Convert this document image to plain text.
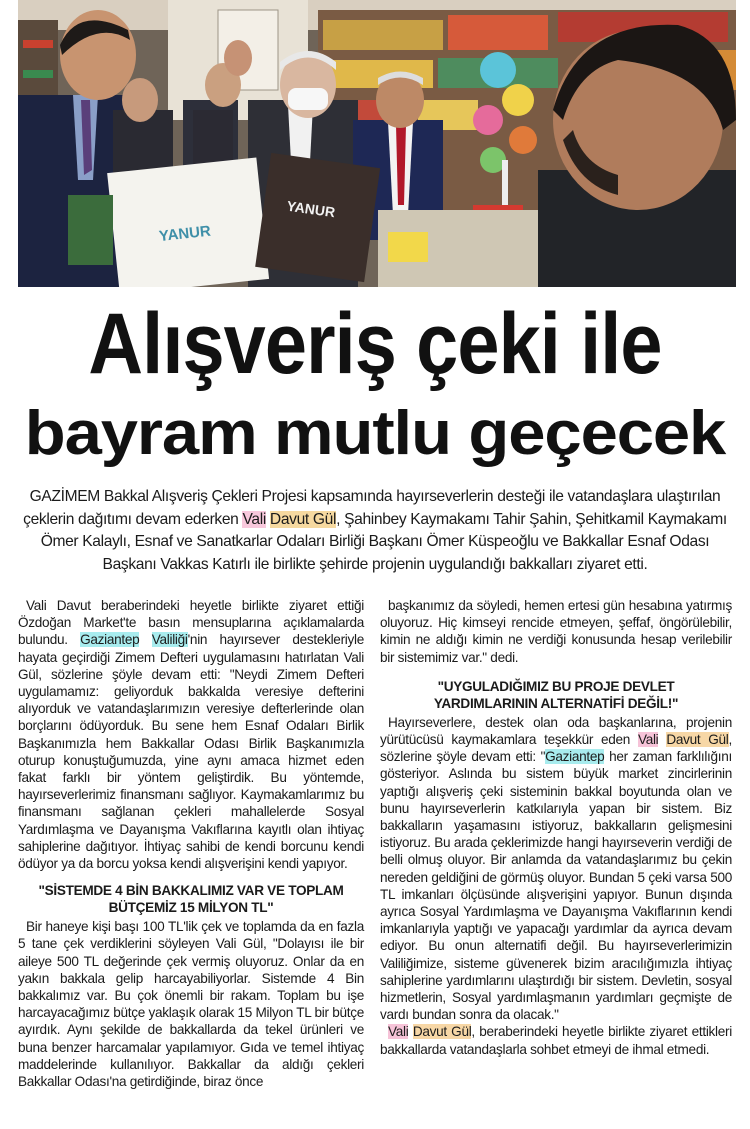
YANUR
YANUR
Alışveriş çeki ile
bayram mutlu geçecek

GAZİMEM Bakkal Alışveriş Çekleri Projesi kapsamında hayırseverlerin desteği ile vatandaşlara ulaştırılan çeklerin dağıtımı devam ederken Vali Davut Gül, Şahinbey Kaymakamı Tahir Şahin, Şehitkamil Kaymakamı Ömer Kalaylı, Esnaf ve Sanatkarlar Odaları Birliği Başkanı Ömer Küspeoğlu ve Bakkallar Esnaf Odası Başkanı Vakkas Katırlı ile birlikte şehirde projenin uygulandığı bakkalları ziyaret etti.

Vali Davut beraberindeki heyetle birlikte ziyaret ettiği Özdoğan Market'te basın mensuplarına açıklamalarda bulundu. Gaziantep Valiliği'nin hayırsever destekleriyle hayata geçirdiği Zimem Defteri uygulamasını hatırlatan Vali Gül, sözlerine şöyle devam etti: "Neydi Zimem Defteri uygulamamız: geliyorduk bakkalda veresiye defterini alıyorduk ve vatandaşlarımızın veresiye defterlerinde olan borçlarını ödüyorduk. Bu sene hem Esnaf Odaları Birlik Başkanımızla hem Bakkallar Odası Birlik Başkanımızla oturup konuştuğumuzda, yine aynı amaca hizmet eden fakat farklı bir yöntem geliştirdik. Bu yöntemde, hayırseverlerimiz finansmanı sağlıyor. Kaymakamlarımız bu finansmanı sağlanan çekleri mahallelerde Sosyal Yardımlaşma ve Dayanışma Vakıflarına kayıtlı olan ihtiyaç sahiplerine dağıtıyor. İhtiyaç sahibi de kendi borcunu kendi ödüyor ya da borcu yoksa kendi alışverişini kendi yapıyor.

"SİSTEMDE 4 BİN BAKKALIMIZ VAR VE TOPLAM BÜTÇEMİZ 15 MİLYON TL"

Bir haneye kişi başı 100 TL'lik çek ve toplamda da en fazla 5 tane çek verdiklerini söyleyen Vali Gül, "Dolayısı ile bir aileye 500 TL değerinde çek vermiş oluyoruz. Onlar da en yakın bakkala gelip harcayabiliyorlar. Sistemde 4 Bin bakkalımız var. Bu çok önemli bir rakam. Toplam bu işe harcayacağımız bütçe yaklaşık olarak 15 Milyon TL bir bütçe ayırdık. Aynı şekilde de bakkallarda da tekel ürünleri ve buna benzer harcamalar yapılamıyor. Gıda ve temel ihtiyaç maddelerinde kullanılıyor. Bakkallar da aldığı çekleri Bakkallar Odası'na getirdiğinde, biraz önce

başkanımız da söyledi, hemen ertesi gün hesabına yatırmış oluyoruz. Hiç kimseyi rencide etmeyen, şeffaf, öngörülebilir, kimin ne aldığı kimin ne verdiği konusunda hesap verilebilir bir sistemimiz var." dedi.

"UYGULADIĞIMIZ BU PROJE DEVLET YARDIMLARININ ALTERNATİFİ DEĞİL!"

Hayırseverlere, destek olan oda başkanlarına, projenin yürütücüsü kaymakamlara teşekkür eden Vali Davut Gül, sözlerine şöyle devam etti: "Gaziantep her zaman farklılığını gösteriyor. Aslında bu sistem büyük market zincirlerinin yaptığı alışveriş çeki sisteminin bakkal boyutunda olan ve bunu hayırseverlerin katkılarıyla yapan bir sistem. Biz bakkalların yaşamasını istiyoruz, bakkalların gelişmesini istiyoruz. Bu arada çeklerimizde hangi hayırseverin verdiği de belli olmuş oluyor. Bir anlamda da vatandaşlarımız bu çekin nereden geldiğini de görmüş oluyor. Bundan 5 çeki varsa 500 TL imkanları ölçüsünde alışverişini yapıyor. Bunun dışında ayrıca Sosyal Yardımlaşma ve Dayanışma Vakıflarının kendi imkanlarıyla yaptığı ve yapacağı yardımlar da ayrıca devam ediyor. Bu onun alternatifi değil. Bu hayırseverlerimizin Valiliğimize, sisteme güvenerek bizim aracılığımızla ihtiyaç sahiplerine yardımlarını ulaştırdığı bir sistem. Devletin, sosyal hizmetlerin, Sosyal yardımlaşmanın yardımları geçmişte de vardı bundan sonra da olacak."

Vali Davut Gül, beraberindeki heyetle birlikte ziyaret ettikleri bakkallarda vatandaşlarla sohbet etmeyi de ihmal etmedi.
